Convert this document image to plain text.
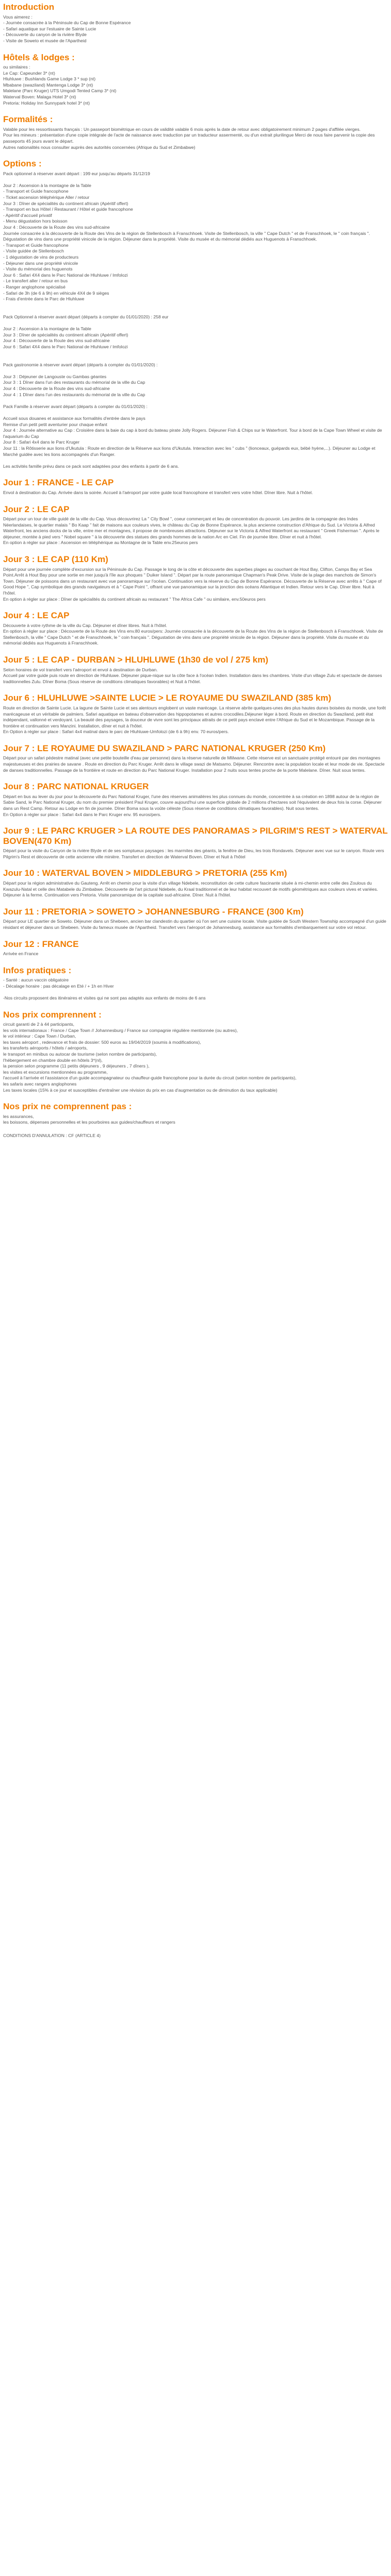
Introduction

Vous aimerez :

- Journée consacrée à la Péninsule du Cap de Bonne Espérance

- Safari aquatique sur l'estuaire de Sainte Lucie

- Découverte du canyon de la rivière Blyde

- Visite de Soweto et musée de l'Apartheid

Hôtels & lodges :

ou similaires :

Le Cap: Capeunder 3* (nt)

Hluhluwe : Bushlands Game Lodge 3 * sup (nt)

Mbabane (swaziland) Mantenga Lodge 3* (nt)

Malelane (Parc Kruger) UTS Umgodi Tented Camp 3* (nt)

Waterval Boven: Malaga Hotel 3* (nt)

Pretoria: Holiday Inn Sunnypark hotel 3* (nt)

Formalités :

Valable pour les ressortissants français : Un passeport biométrique en cours de validité valable 6 mois après la date de retour avec obligatoirement minimum 2 pages d'affilée vierges.

Pour les mineurs : présentation d'une copie intégrale de l'acte de naissance avec traduction par un traducteur assermenté, ou d'un extrait plurilingue Merci de nous faire parvenir la copie des passeports 45 jours avant le départ.

Autres nationalités nous consulter auprès des autorités concernées (Afrique du Sud et Zimbabwe)

Options :

Pack optionnel à réserver avant départ : 199 eur jusqu'au départs 31/12/19

Jour 2 : Ascension à la montagne de la Table

- Transport et Guide francophone

- Ticket ascension téléphérique Aller / retour

Jour 3 : Dîner de spécialités du continent africain (Apéritif offert)

- Transport en bus Hôtel / Restaurant / Hôtel et guide francophone

- Apéritif d'accueil privatif

- Menu dégustation hors boisson

Jour 4 : Découverte de la Route des vins sud-africaine

Journée consacrée à la découverte de la Route des Vins de la région de Stellenbosch à Franschhoek. Visite de Stellenbosch, la ville " Cape Dutch " et de Franschhoek, le " coin français ". Dégustation de vins dans une propriété vinicole de la région. Déjeuner dans la propriété. Visite du musée et du mémorial dédiés aux Huguenots à Franschhoek.

- Transport et Guide francophone

- Visite guidée de Stellenbosch

- 1 dégustation de vins de producteurs

- Déjeuner dans une propriété vinicole

- Visite du mémorial des huguenots

Jour 6 : Safari 4X4 dans le Parc National de Hluhluwe / Imfolozi

- Le transfert aller / retour en bus

- Ranger anglophone spécialisé

- Safari de 3h (de 6 à 9h) en véhicule 4X4 de 9 sièges

- Frais d'entrée dans le Parc de Hluhluwe

Pack Optionnel à réserver avant départ (départs à compter du 01/01/2020) : 258 eur

Jour 2 : Ascension à la montagne de la Table

Jour 3 : Dîner de spécialités du continent africain (Apéritif offert)

Jour 4 : Découverte de la Route des vins sud-africaine

Jour 6 : Safari 4X4 dans le Parc National de Hluhluwe / Imfolozi

Pack gastronomie à réserver avant départ (départs à compter du 01/01/2020) :

Jour 3 : Déjeuner de Langouste ou Gambas géantes

Jour 3 : 1 Dîner dans l'un des restaurants du mémorial de la ville du Cap

Jour 4 : Découverte de la Route des vins sud-africaine

Jour 4 : 1 Dîner dans l'un des restaurants du mémorial de la ville du Cap

Pack Famille à réserver avant départ (départs à compter du 01/01/2020) :

Accueil sous douanes et assistance aux formalités d'entrée dans le pays

Remise d'un petit petit aventurier pour chaque enfant

Jour 4 : Journée alternative au Cap : Croisière dans la baie du cap à bord du bateau pirate Jolly Rogers. Déjeuner Fish & Chips sur le Waterfront. Tour à bord de la Cape Town Wheel et visite de l'aquarium du Cap

Jour 8 : Safari 4x4 dans le Parc Kruger

Jour 11 : la Rôtisserie aux lions d'Ukutula : Route en direction de la Réserve aux lions d'Ukutula. Interaction avec les " cubs " (lionceaux, guépards eux, bébé hyène,...). Déjeuner au Lodge et Marché guidée avec les lions accompagnés d'un Ranger.

Les activités famille prévu dans ce pack sont adaptées pour des enfants à partir de 6 ans.

Jour 1 : FRANCE - LE CAP

Envol à destination du Cap. Arrivée dans la soirée. Accueil à l'aéroport par votre guide local francophone et transfert vers votre hôtel. Dîner libre. Nuit à l'hôtel.

Jour 2 : LE CAP

Départ pour un tour de ville guidé de la ville du Cap. Vous découvrirez La " City Bowl ", coeur commerçant et lieu de concentration du pouvoir. Les jardins de la compagnie des Indes Néerlandaises, le quartier malais " Bo Kaap " fait de maisons aux couleurs vives, le château du Cap de Bonne Espérance, la plus ancienne construction d'Afrique du Sud. Le Victoria & Alfred Waterfront, les anciens docks de la ville, entre mer et montagnes, il propose de nombreuses attractions. Déjeuner sur le Victoria & Alfred Waterfront au restaurant " Greek Fisherman ". Après le déjeuner, montée à pied vers " Nobel square " à la découverte des statues des grands hommes de la nation Arc en Ciel. Fin de journée libre. Dîner et nuit à l'hôtel.

En option à régler sur place : Ascension en téléphérique au Montagne de la Table env.25euros pers

Jour 3 : LE CAP (110 Km)

Départ pour une journée complète d'excursion sur la Péninsule du Cap. Passage le long de la côte et découverte des superbes plages au couchant de Hout Bay, Clifton, Camps Bay et Sea Point.Arrêt à Hout Bay pour une sortie en mer jusqu'à l'île aux phoques " Duiker Island ". Départ par la route panoramique Chapman's Peak Drive. Visite de la plage des manchots de Simon's Town. Déjeuner de poissons dans un restaurant avec vue panoramique sur l'océan. Continuation vers la réserve du Cap de Bonne Espérance. Découverte de la Réserve avec arrêts à " Cape of Good Hope ", Cap symbolique des grands navigateurs et à " Cape Point ", offrant une vue panoramique sur la jonction des océans Atlantique et Indien. Retour vers le Cap. Dîner libre. Nuit à l'hôtel.

En option à régler sur place : Dîner de spécialités du continent africain au restaurant " The Africa Cafe " ou similaire, env.50euros pers

Jour 4 : LE CAP

Découverte à votre rythme de la ville du Cap. Déjeuner et dîner libres. Nuit à l'hôtel.

En option à régler sur place : Découverte de la Route des Vins env.80 euros/pers: Journée consacrée à la découverte de la Route des Vins de la région de Stellenbosch à Franschhoek. Visite de Stellenbosch, la ville " Cape Dutch " et de Franschhoek, le " coin français ". Dégustation de vins dans une propriété vinicole de la région. Déjeuner dans la propriété. Visite du musée et du mémorial dédiés aux Huguenots à Franschhoek.

Jour 5 : LE CAP - DURBAN > HLUHLUWE (1h30 de vol / 275 km)

Selon horaires de vol transfert vers l'aéroport et envol à destination de Durban.

Accueil par votre guide puis route en direction de Hluhluwe. Déjeuner pique-nique sur la côte face à l'océan Indien. Installation dans les chambres. Visite d'un village Zulu et spectacle de danses traditionnelles Zulu. Dîner Boma (Sous réserve de conditions climatiques favorables) et Nuit à l'hôtel.

Jour 6 : HLUHLUWE >SAINTE LUCIE > LE ROYAUME DU SWAZILAND (385 km)

Route en direction de Sainte Lucie. La lagune de Sainte Lucie et ses alentours englobent un vaste marécage. La réserve abrite quelques-unes des plus hautes dunes boisées du monde, une forêt marécageuse et un véritable de palmiers. Safari aquatique en bateau d'observation des hippopotames et autres crocodiles.Déjeuner léger à bord. Route en direction du Swaziland, petit état indépendant, vallonné et verdoyant. La beauté des paysages, la douceur de vivre sont les principaux attraits de ce petit pays enclavé entre l'Afrique du Sud et le Mozambique. Passage de la frontière et continuation vers Manzini. Installation, dîner et nuit à l'hôtel.

En Option à régler sur place : Safari 4x4 matinal dans le parc de Hluhluwe-Umfolozi (de 6 à 9h) env. 70 euros/pers.

Jour 7 : LE ROYAUME DU SWAZILAND > PARC NATIONAL KRUGER (250 Km)

Départ pour un safari pédestre matinal (avec une petite bouteille d'eau par personne) dans la réserve naturelle de Mlilwane. Cette réserve est un sanctuaire protégé entouré par des montagnes majestueuses et des prairies de savane . Route en direction du Parc Kruger. Arrêt dans le village swazi de Matsamo. Déjeuner. Rencontre avec la population locale et leur mode de vie. Spectacle de danses traditionnelles. Passage de la frontière et route en direction du Parc National Kruger. Installation pour 2 nuits sous tentes proche de la porte Malelane. Dîner. Nuit sous tentes.

Jour 8 : PARC NATIONAL KRUGER

Départ en bus au lever du jour pour la découverte du Parc National Kruger, l'une des réserves animalières les plus connues du monde, concentrée à sa création en 1898 autour de la région de Sabie Sand, le Parc National Kruger, du nom du premier président Paul Kruger, couvre aujourd'hui une superficie globale de 2 millions d'hectares soit l'équivalent de deux fois la corse. Déjeuner dans un Rest Camp. Retour au Lodge en fin de journée. Dîner Boma sous la voûte céleste (Sous réserve de conditions climatiques favorables). Nuit sous tentes.

En Option à régler sur place : Safari 4x4 dans le Parc Kruger env. 95 euros/pers.

Jour 9 : LE PARC KRUGER > LA ROUTE DES PANORAMAS > PILGRIM'S REST > WATERVAL BOVEN(470 Km)

Départ pour la visite du Canyon de la rivière Blyde et de ses somptueux paysages : les marmites des géants, la fenêtre de Dieu, les trois Rondavels. Déjeuner avec vue sur le canyon. Route vers Pilgrim's Rest et découverte de cette ancienne ville minière. Transfert en direction de Waterval Boven. Dîner et Nuit à l'hôtel

Jour 10 : WATERVAL BOVEN > MIDDLEBURG > PRETORIA (255 Km)

Départ pour la région administrative du Gauteng. Arrêt en chemin pour la visite d'un village Ndebele, reconstitution de cette culture fascinante située à mi-chemin entre celle des Zoulous du Kwazulu-Natal et celle des Matabele du Zimbabwe. Découverte de l'art pictural Ndebele, du Kraal traditionnel et de leur habitat recouvert de motifs géométriques aux couleurs vives et variées. Déjeuner à la ferme. Continuation vers Pretoria. Visite panoramique de la capitale sud-africaine. Dîner. Nuit à l'hôtel.

Jour 11 : PRETORIA > SOWETO > JOHANNESBURG - FRANCE (300 Km)

Départ pour LE quartier de Soweto. Déjeuner dans un Shebeen, ancien bar clandestin du quartier où l'on sert une cuisine locale. Visite guidée de South Western Township accompagné d'un guide résidant et déjeuner dans un Shebeen. Visite du fameux musée de l'Apartheid. Transfert vers l'aéroport de Johannesburg, assistance aux formalités d'embarquement sur votre vol retour.

Jour 12 : FRANCE

Arrivée en France

Infos pratiques :

- Santé : aucun vaccin obligatoire

- Décalage horaire : pas décalage en Eté / + 1h en Hiver

-Nos circuits proposent des itinéraires et visites qui ne sont pas adaptés aux enfants de moins de 6 ans

Nos prix comprennent :

circuit garanti de 2 à 44 participants,

les vols internationaux : France / Cape Town // Johannesburg / France sur compagnie régulière mentionnée (ou autres),

le vol intérieur : Cape Town / Durban,

les taxes aéroport , redevance et frais de dossier: 500 euros au 19/04/2019 (soumis à modifications),

les transferts aéroports / hôtels / aéroports,

le transport en minibus ou autocar de tourisme (selon nombre de participants),

l'hébergement en chambre double en hôtels 3*(nl),

la pension selon programme (11 petits déjeuners , 9 déjeuners , 7 dîners ),

les visites et excursions mentionnées au programme,

l'accueil à l'arrivée et l'assistance d'un guide accompagnateur ou chauffeur-guide francophone pour la durée du circuit (selon nombre de participants),

les safaris avec rangers anglophones

Les taxes locales (15% à ce jour et susceptibles d'entraîner une révision du prix en cas d'augmentation ou de diminution du taux applicable)

Nos prix ne comprennent pas :

les assurances,

les boissons, dépenses personnelles et les pourboires aux guides/chauffeurs et rangers

CONDITIONS D'ANNULATION : CF (ARTICLE 4)
